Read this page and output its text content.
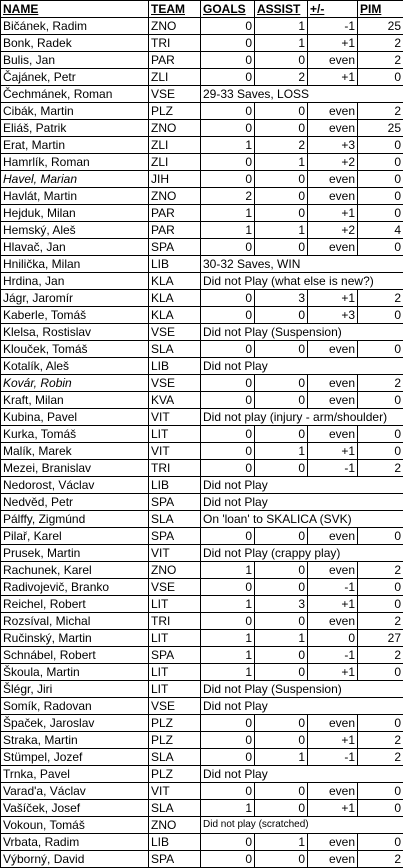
NAME	TEAM	GOALS	ASSIST	+/-	PIM
Bičánek, Radim	ZNO	0	1	-1	25
Bonk, Radek	TRI	0	1	+1	2
Bulis, Jan	PAR	0	0	even	2
Čajánek, Petr	ZLI	0	2	+1	0
Čechmánek, Roman	VSE	29-33 Saves, LOSS			
Cibák, Martin	PLZ	0	0	even	2
Eliáš, Patrik	ZNO	0	0	even	25
Erat, Martin	ZLI	1	2	+3	0
Hamrlík, Roman	ZLI	0	1	+2	0
Havel, Marian	JIH	0	0	even	0
Havlát, Martin	ZNO	2	0	even	0
Hejduk, Milan	PAR	1	0	+1	0
Hemský, Aleš	PAR	1	1	+2	4
Hlavač, Jan	SPA	0	0	even	0
Hnilička, Milan	LIB	30-32 Saves, WIN			
Hrdina, Jan	KLA	Did not Play (what else is new?)			
Jágr, Jaromír	KLA	0	3	+1	2
Kaberle, Tomáš	KLA	0	0	+3	0
Klelsa, Rostislav	VSE	Did not Play (Suspension)			
Klouček, Tomáš	SLA	0	0	even	0
Kotalík, Aleš	LIB	Did not Play			
Kovár, Robin	VSE	0	0	even	2
Kraft, Milan	KVA	0	0	even	0
Kubina, Pavel	VIT	Did not play (injury - arm/shoulder)			
Kurka, Tomáš	LIT	0	0	even	0
Malík, Marek	VIT	0	1	+1	0
Mezei, Branislav	TRI	0	0	-1	2
Nedorost, Václav	LIB	Did not Play			
Nedvěd, Petr	SPA	Did not Play			
Pálffy, Zigmúnd	SLA	On 'loan' to SKALICA (SVK)			
Pilař, Karel	SPA	0	0	even	0
Prusek, Martin	VIT	Did not Play (crappy play)			
Rachunek, Karel	ZNO	1	0	even	2
Radivojevič, Branko	VSE	0	0	-1	0
Reichel, Robert	LIT	1	3	+1	0
Rozsíval, Michal	TRI	0	0	even	2
Ručinský, Martin	LIT	1	1	0	27
Schnábel, Robert	SPA	1	0	-1	2
Škoula, Martin	LIT	1	0	+1	0
Šlégr, Jiri	LIT	Did not Play (Suspension)			
Somík, Radovan	VSE	Did not Play			
Špaček, Jaroslav	PLZ	0	0	even	0
Straka, Martin	PLZ	0	0	+1	2
Stümpel, Jozef	SLA	0	1	-1	2
Trnka, Pavel	PLZ	Did not Play			
Varad'a, Václav	VIT	0	0	even	0
Vašíček, Josef	SLA	1	0	+1	0
Vokoun, Tomáš	ZNO	Did not play (scratched)			
Vrbata, Radim	LIB	0	1	even	0
Výborný, David	SPA	0	0	even	2
